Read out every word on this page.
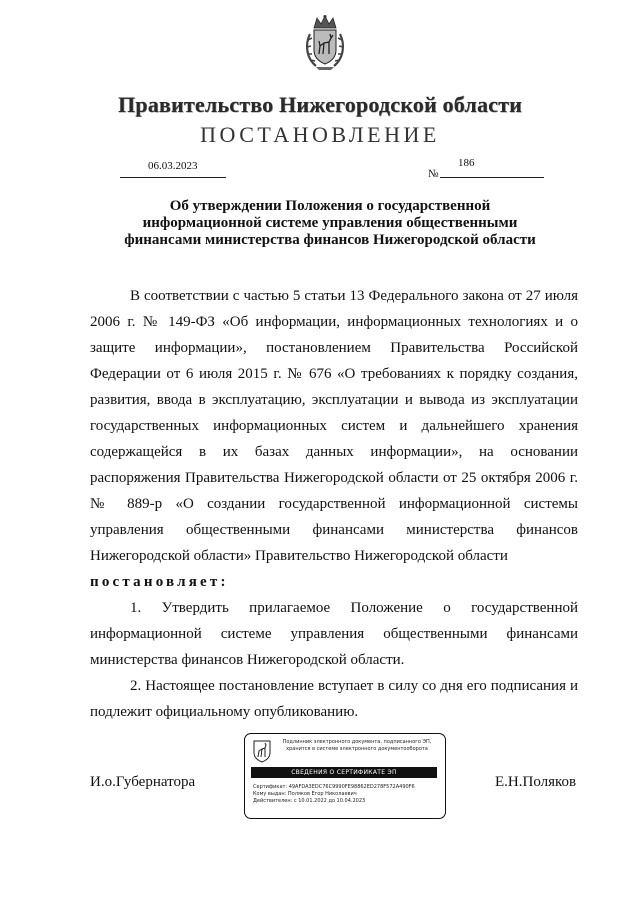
Правительство Нижегородской области
ПОСТАНОВЛЕНИЕ
06.03.2023
№
186
Об утверждении Положения о государственной
информационной системе управления общественными
финансами министерства финансов Нижегородской области

В соответствии с частью 5 статьи 13 Федерального закона от 27 июля 2006 г. № 149-ФЗ «Об информации, информационных технологиях и о защите информации», постановлением Правительства Российской Федерации от 6 июля 2015 г. № 676 «О требованиях к порядку создания, развития, ввода в эксплуатацию, эксплуатации и вывода из эксплуатации государственных информационных систем и дальнейшего хранения содержащейся в их базах данных информации», на основании распоряжения Правительства Нижегородской области от 25 октября 2006 г. № 889-р «О создании государственной информационной системы управления общественными финансами министерства финансов Нижегородской области» Правительство Нижегородской области

постановляет:

1. Утвердить прилагаемое Положение о государственной информационной системе управления общественными финансами министерства финансов Нижегородской области.

2. Настоящее постановление вступает в силу со дня его подписания и подлежит официальному опубликованию.

И.о.Губернатора
Подлинник электронного документа, подписанного ЭП, хранится в системе электронного документооборота
СВЕДЕНИЯ О СЕРТИФИКАТЕ ЭП
Сертификат: 49AFDA3EDC76C9990FE98862ED278F572A490F6
Кому выдан: Поляков Егор Николаевич
Действителен: с 10.01.2022 до 10.04.2023
Е.Н.Поляков
